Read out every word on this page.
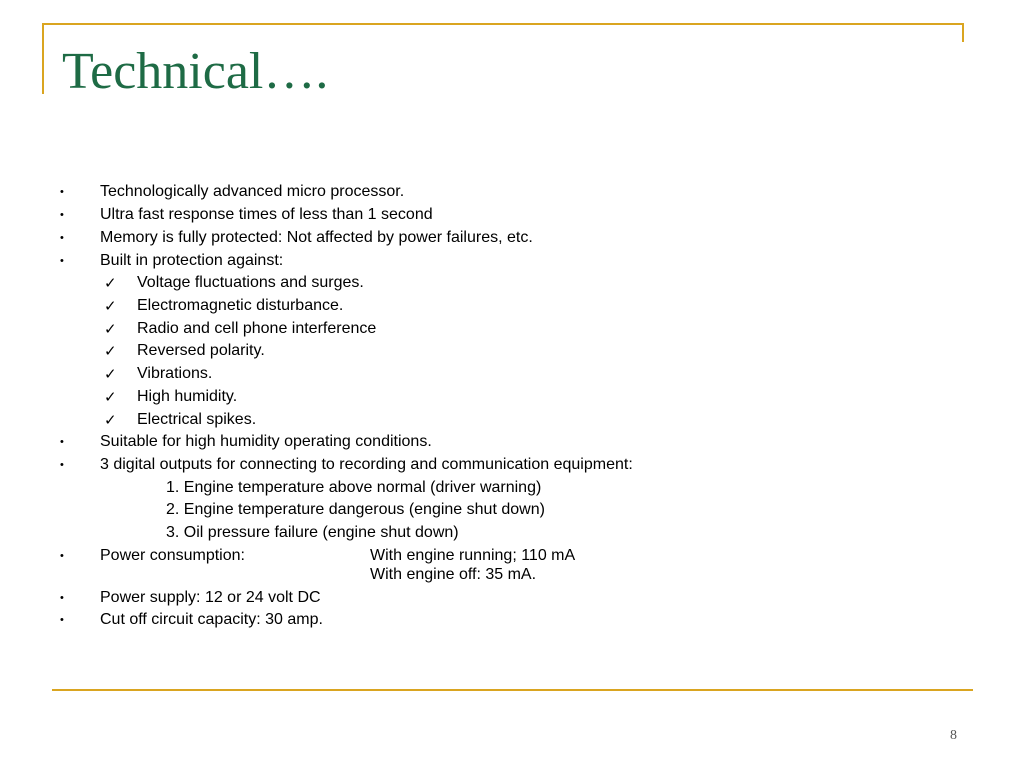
Technical….
•	Technologically advanced micro processor.
•	Ultra fast response times of less than 1 second
•	Memory is fully protected: Not affected by power failures, etc.
•	Built in protection against:
✓ Voltage fluctuations and surges.
✓ Electromagnetic disturbance.
✓ Radio and cell phone interference
✓ Reversed polarity.
✓ Vibrations.
✓ High humidity.
✓ Electrical spikes.
•	Suitable for high humidity operating conditions.
•	3 digital outputs for connecting to recording and communication equipment:
1. Engine temperature above normal (driver warning)
2. Engine temperature dangerous (engine shut down)
3. Oil pressure failure (engine shut down)
•	Power consumption:	With engine running; 110 mA
With engine off: 35 mA.
•	Power supply: 12 or 24 volt DC
•	Cut off circuit capacity: 30 amp.
8
